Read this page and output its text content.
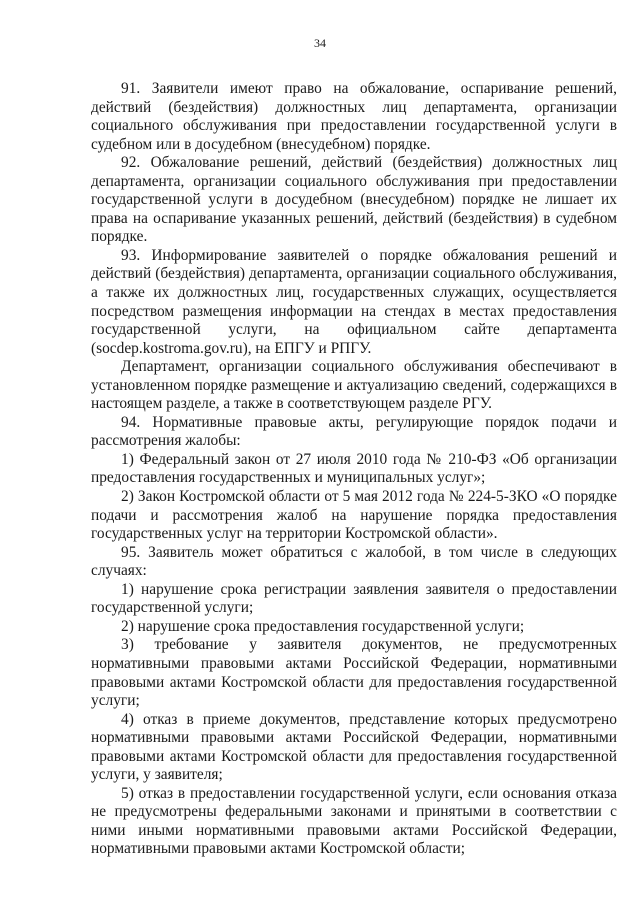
34

91. Заявители имеют право на обжалование, оспаривание решений, действий (бездействия) должностных лиц департамента, организации социального обслуживания при предоставлении государственной услуги в судебном или в досудебном (внесудебном) порядке.

92. Обжалование решений, действий (бездействия) должностных лиц департамента, организации социального обслуживания при предоставлении государственной услуги в досудебном (внесудебном) порядке не лишает их права на оспаривание указанных решений, действий (бездействия) в судебном порядке.

93. Информирование заявителей о порядке обжалования решений и действий (бездействия) департамента, организации социального обслуживания, а также их должностных лиц, государственных служащих, осуществляется посредством размещения информации на стендах в местах предоставления государственной услуги, на официальном сайте департамента (socdep.kostroma.gov.ru), на ЕПГУ и РПГУ.

Департамент, организации социального обслуживания обеспечивают в установленном порядке размещение и актуализацию сведений, содержащихся в настоящем разделе, а также в соответствующем разделе РГУ.

94. Нормативные правовые акты, регулирующие порядок подачи и рассмотрения жалобы:

1) Федеральный закон от 27 июля 2010 года № 210-ФЗ «Об организации предоставления государственных и муниципальных услуг»;

2) Закон Костромской области от 5 мая 2012 года № 224-5-ЗКО «О порядке подачи и рассмотрения жалоб на нарушение порядка предоставления государственных услуг на территории Костромской области».

95. Заявитель может обратиться с жалобой, в том числе в следующих случаях:

1) нарушение срока регистрации заявления заявителя о предоставлении государственной услуги;

2) нарушение срока предоставления государственной услуги;

3) требование у заявителя документов, не предусмотренных нормативными правовыми актами Российской Федерации, нормативными правовыми актами Костромской области для предоставления государственной услуги;

4) отказ в приеме документов, представление которых предусмотрено нормативными правовыми актами Российской Федерации, нормативными правовыми актами Костромской области для предоставления государственной услуги, у заявителя;

5) отказ в предоставлении государственной услуги, если основания отказа не предусмотрены федеральными законами и принятыми в соответствии с ними иными нормативными правовыми актами Российской Федерации, нормативными правовыми актами Костромской области;
